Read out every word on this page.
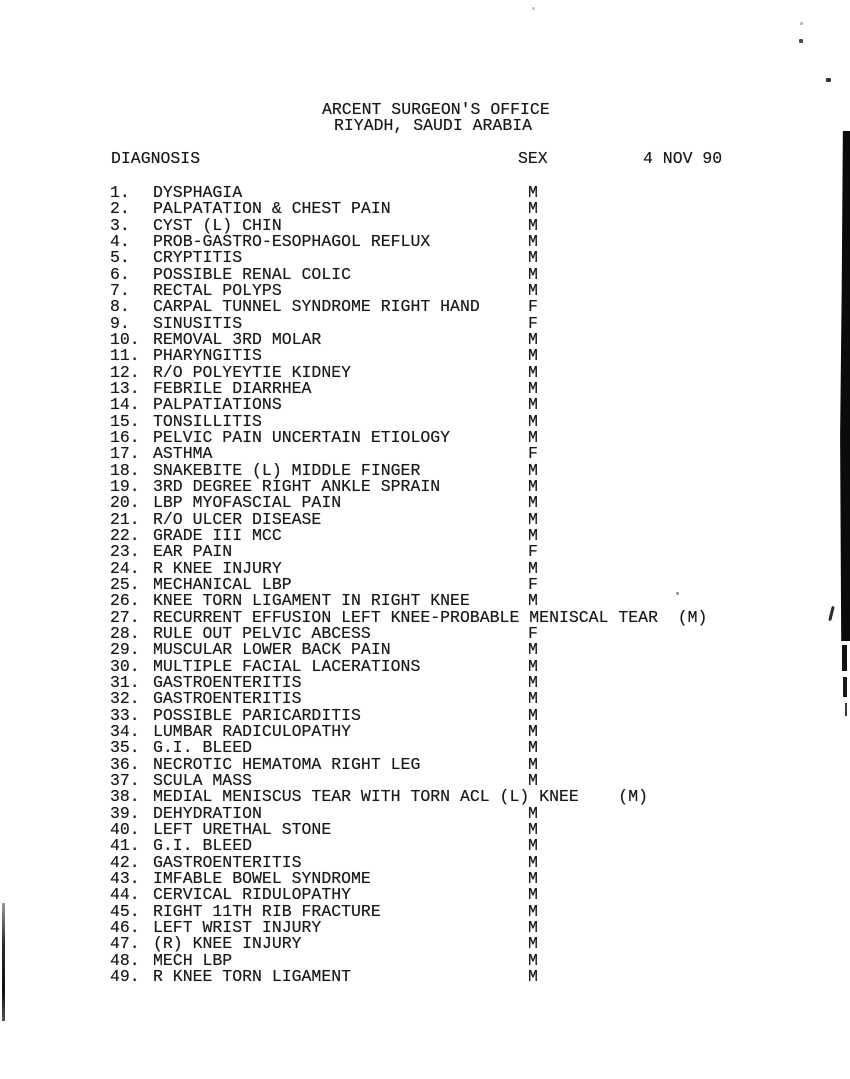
ARCENT SURGEON'S OFFICE
RIYADH, SAUDI ARABIA
DIAGNOSIS	SEX	4 NOV 90
1. DYSPHAGIA	M
2. PALPATATION & CHEST PAIN	M
3. CYST (L) CHIN	M
4. PROB-GASTRO-ESOPHAGOL REFLUX	M
5. CRYPTITIS	M
6. POSSIBLE RENAL COLIC	M
7. RECTAL POLYPS	M
8. CARPAL TUNNEL SYNDROME RIGHT HAND	F
9. SINUSITIS	F
10. REMOVAL 3RD MOLAR	M
11. PHARYNGITIS	M
12. R/O POLYEYTIE KIDNEY	M
13. FEBRILE DIARRHEA	M
14. PALPATIATIONS	M
15. TONSILLITIS	M
16. PELVIC PAIN UNCERTAIN ETIOLOGY	M
17. ASTHMA	F
18. SNAKEBITE (L) MIDDLE FINGER	M
19. 3RD DEGREE RIGHT ANKLE SPRAIN	M
20. LBP MYOFASCIAL PAIN	M
21. R/O ULCER DISEASE	M
22. GRADE III MCC	M
23. EAR PAIN	F
24. R KNEE INJURY	M
25. MECHANICAL LBP	F
26. KNEE TORN LIGAMENT IN RIGHT KNEE	M
27. RECURRENT EFFUSION LEFT KNEE-PROBABLE MENISCAL TEAR (M)
28. RULE OUT PELVIC ABCESS	F
29. MUSCULAR LOWER BACK PAIN	M
30. MULTIPLE FACIAL LACERATIONS	M
31. GASTROENTERITIS	M
32. GASTROENTERITIS	M
33. POSSIBLE PARICARDITIS	M
34. LUMBAR RADICULOPATHY	M
35. G.I. BLEED	M
36. NECROTIC HEMATOMA RIGHT LEG	M
37. SCULA MASS	M
38. MEDIAL MENISCUS TEAR WITH TORN ACL (L) KNEE (M)
39. DEHYDRATION	M
40. LEFT URETHAL STONE	M
41. G.I. BLEED	M
42. GASTROENTERITIS	M
43. IMFABLE BOWEL SYNDROME	M
44. CERVICAL RIDULOPATHY	M
45. RIGHT 11TH RIB FRACTURE	M
46. LEFT WRIST INJURY	M
47. (R) KNEE INJURY	M
48. MECH LBP	M
49. R KNEE TORN LIGAMENT	M
